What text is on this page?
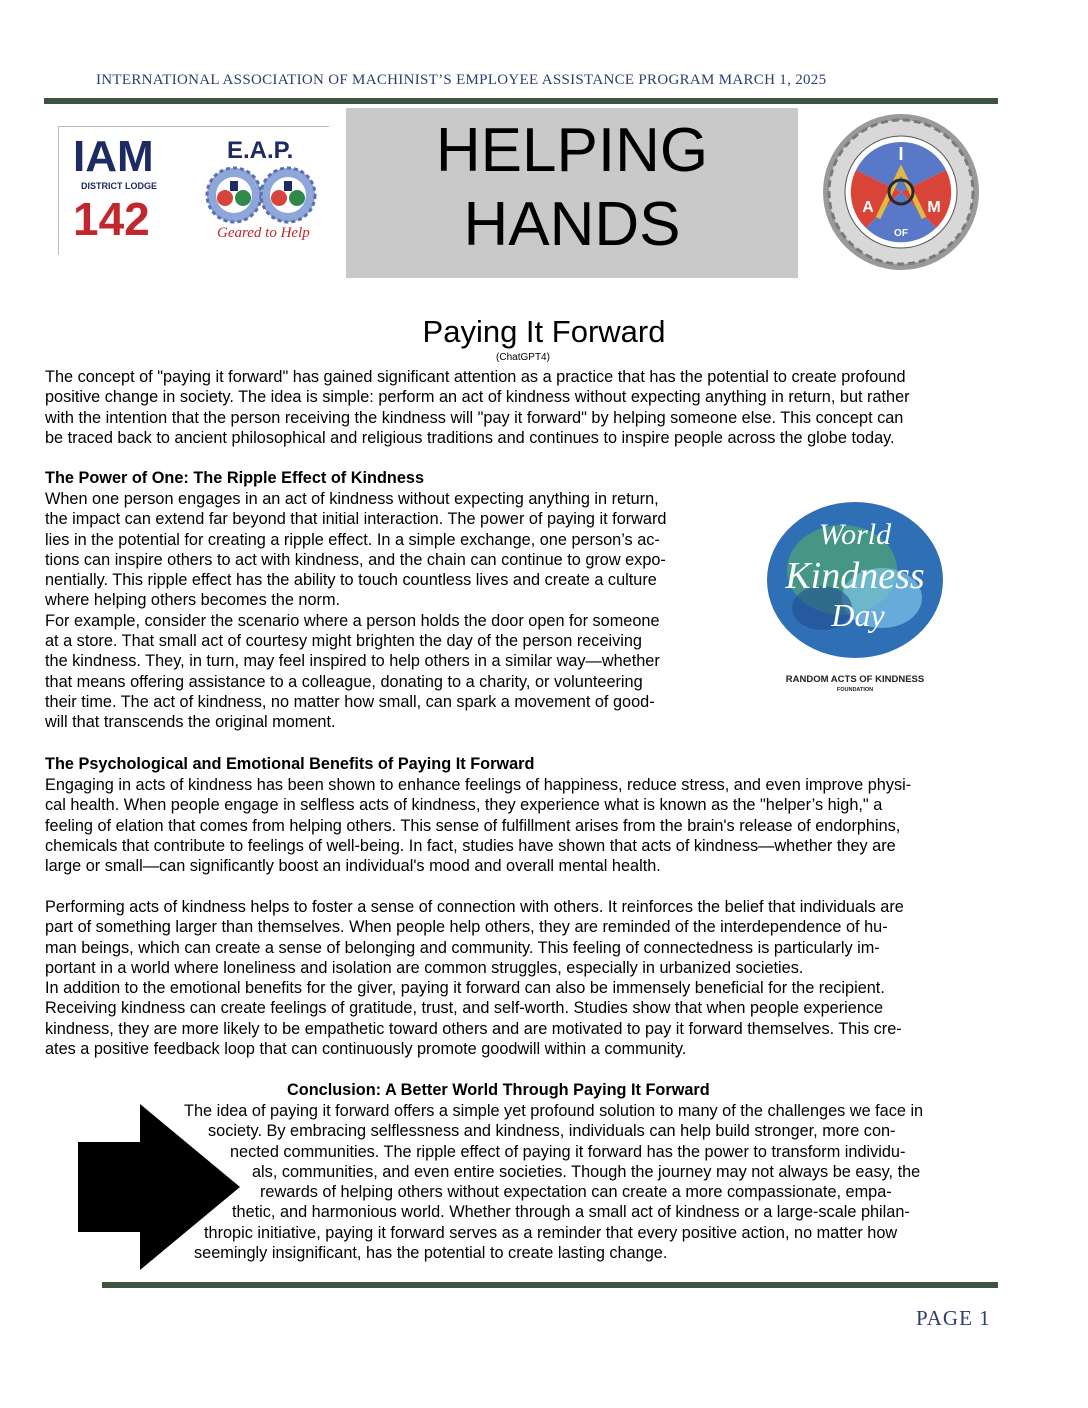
INTERNATIONAL ASSOCIATION OF MACHINIST’S EMPLOYEE ASSISTANCE PROGRAM MARCH 1, 2025
IAM
DISTRICT LODGE
142
E.A.P.
Geared to Help
HELPING
HANDS
I
A	M
OF
Paying It Forward
(ChatGPT4)
The concept of "paying it forward" has gained significant attention as a practice that has the potential to create profound
positive change in society. The idea is simple: perform an act of kindness without expecting anything in return, but rather
with the intention that the person receiving the kindness will "pay it forward" by helping someone else. This concept can
be traced back to ancient philosophical and religious traditions and continues to inspire people across the globe today.
The Power of One: The Ripple Effect of Kindness
When one person engages in an act of kindness without expecting anything in return,
the impact can extend far beyond that initial interaction. The power of paying it forward
lies in the potential for creating a ripple effect. In a simple exchange, one person’s ac-
tions can inspire others to act with kindness, and the chain can continue to grow expo-
nentially. This ripple effect has the ability to touch countless lives and create a culture
where helping others becomes the norm.
For example, consider the scenario where a person holds the door open for someone
at a store. That small act of courtesy might brighten the day of the person receiving
the kindness. They, in turn, may feel inspired to help others in a similar way—whether
that means offering assistance to a colleague, donating to a charity, or volunteering
their time. The act of kindness, no matter how small, can spark a movement of good-
will that transcends the original moment.
World
Kindness
Day
RANDOM ACTS OF KINDNESS
FOUNDATION
The Psychological and Emotional Benefits of Paying It Forward
Engaging in acts of kindness has been shown to enhance feelings of happiness, reduce stress, and even improve physi-
cal health. When people engage in selfless acts of kindness, they experience what is known as the "helper’s high," a
feeling of elation that comes from helping others. This sense of fulfillment arises from the brain's release of endorphins,
chemicals that contribute to feelings of well-being. In fact, studies have shown that acts of kindness—whether they are
large or small—can significantly boost an individual's mood and overall mental health.
Performing acts of kindness helps to foster a sense of connection with others. It reinforces the belief that individuals are
part of something larger than themselves. When people help others, they are reminded of the interdependence of hu-
man beings, which can create a sense of belonging and community. This feeling of connectedness is particularly im-
portant in a world where loneliness and isolation are common struggles, especially in urbanized societies.
In addition to the emotional benefits for the giver, paying it forward can also be immensely beneficial for the recipient.
Receiving kindness can create feelings of gratitude, trust, and self-worth. Studies show that when people experience
kindness, they are more likely to be empathetic toward others and are motivated to pay it forward themselves. This cre-
ates a positive feedback loop that can continuously promote goodwill within a community.
Conclusion: A Better World Through Paying It Forward
The idea of paying it forward offers a simple yet profound solution to many of the challenges we face in
society. By embracing selflessness and kindness, individuals can help build stronger, more con-
nected communities. The ripple effect of paying it forward has the power to transform individu-
als, communities, and even entire societies. Though the journey may not always be easy, the
rewards of helping others without expectation can create a more compassionate, empa-
thetic, and harmonious world. Whether through a small act of kindness or a large-scale philan-
thropic initiative, paying it forward serves as a reminder that every positive action, no matter how
seemingly insignificant, has the potential to create lasting change.
PAGE 1
